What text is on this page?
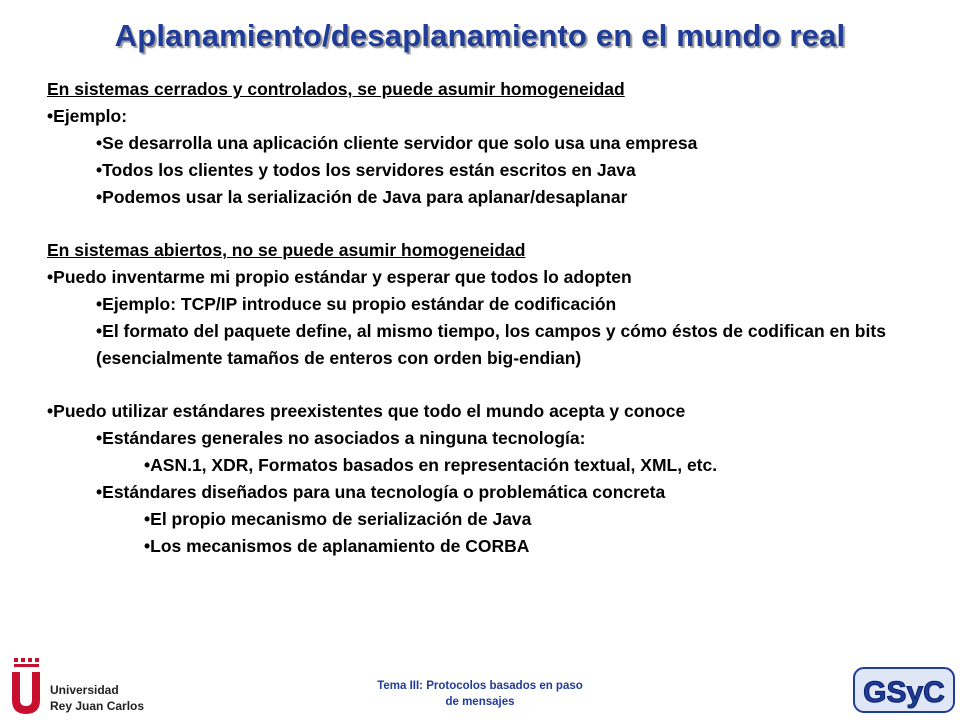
Aplanamiento/desaplanamiento en el mundo real
En sistemas cerrados y controlados, se puede asumir homogeneidad
•Ejemplo:
•Se desarrolla una aplicación cliente servidor que solo usa una empresa
•Todos los clientes y todos los servidores están escritos en Java
•Podemos usar la serialización de Java para aplanar/desaplanar
En sistemas abiertos, no se puede asumir homogeneidad
•Puedo inventarme mi propio estándar y esperar que todos lo adopten
•Ejemplo: TCP/IP introduce su propio estándar de codificación
•El formato del paquete define, al mismo tiempo, los campos y cómo éstos de codifican en bits (esencialmente tamaños de enteros con orden big-endian)
•Puedo utilizar estándares preexistentes que todo el mundo acepta y conoce
•Estándares generales no asociados a ninguna tecnología:
•ASN.1, XDR, Formatos basados en representación textual, XML, etc.
•Estándares diseñados para una tecnología o problemática concreta
•El propio mecanismo de serialización de Java
•Los mecanismos de aplanamiento de CORBA
Universidad
Rey Juan Carlos
Tema III: Protocolos basados en paso
de mensajes	GSyC
